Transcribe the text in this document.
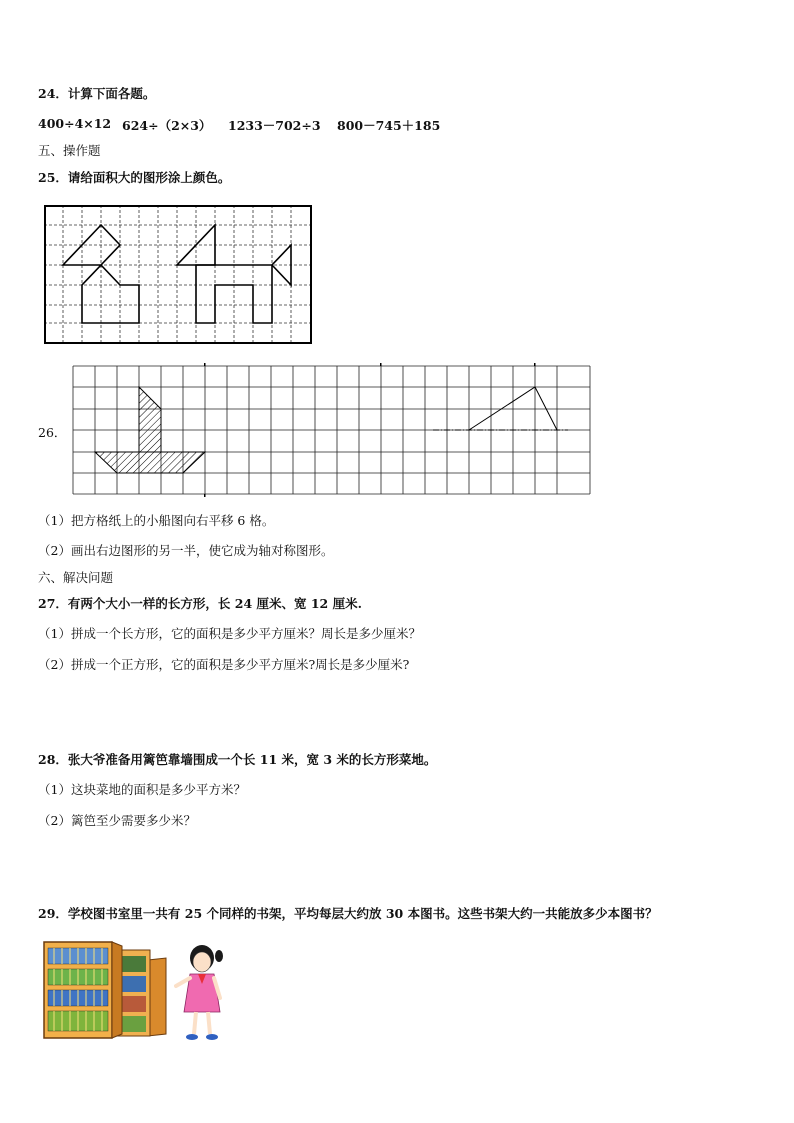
24．计算下面各题。
400÷4×12 624÷（2×3） 1233－702÷3 800－745＋185
五、操作题
25．请给面积大的图形涂上颜色。
26．
（1）把方格纸上的小船图向右平移 6 格。
（2）画出右边图形的另一半，使它成为轴对称图形。
六、解决问题
27．有两个大小一样的长方形，长 24 厘米、宽 12 厘米.
（1）拼成一个长方形，它的面积是多少平方厘米？周长是多少厘米？
（2）拼成一个正方形，它的面积是多少平方厘米?周长是多少厘米?
28．张大爷准备用篱笆靠墙围成一个长 11 米，宽 3 米的长方形菜地。
（1）这块菜地的面积是多少平方米？
（2）篱笆至少需要多少米？
29．学校图书室里一共有 25 个同样的书架，平均每层大约放 30 本图书。这些书架大约一共能放多少本图书？
